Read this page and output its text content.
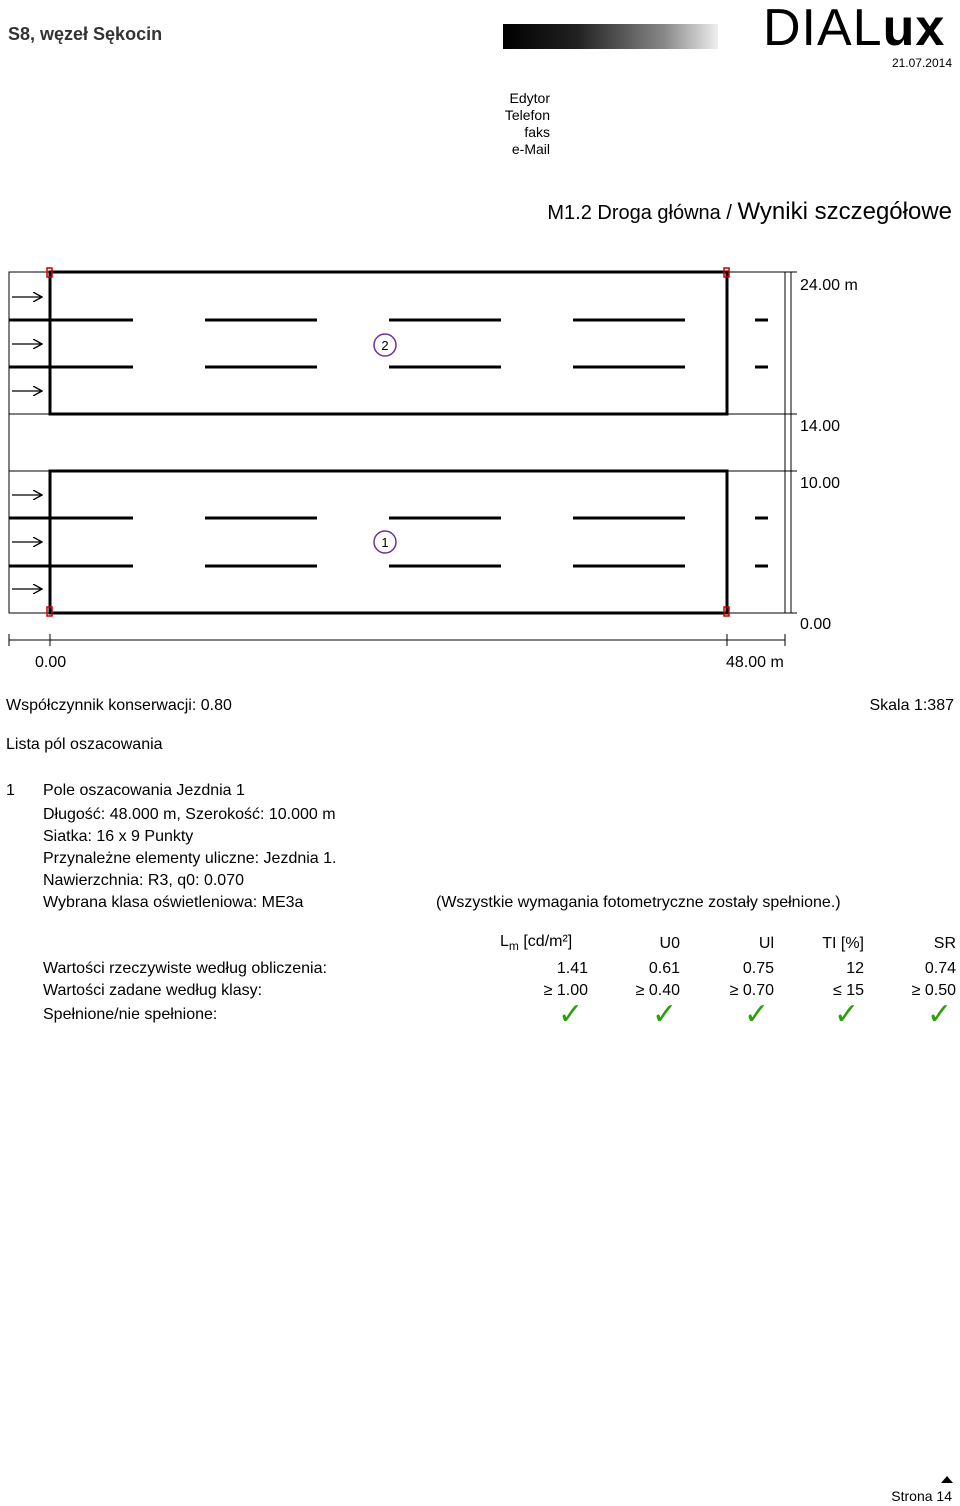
S8, węzeł Sękocin	DIALux
21.07.2014
Edytor
Telefon
faks
e-Mail
M1.2 Droga główna / Wyniki szczegółowe
2
1
24.00 m
14.00
10.00
0.00
0.00	48.00 m
Współczynnik konserwacji: 0.80	Skala 1:387
Lista pól oszacowania
1 Pole oszacowania Jezdnia 1
Długość: 48.000 m, Szerokość: 10.000 m
Siatka: 16 x 9 Punkty
Przynależne elementy uliczne: Jezdnia 1.
Nawierzchnia: R3, q0: 0.070
Wybrana klasa oświetleniowa: ME3a	(Wszystkie wymagania fotometryczne zostały spełnione.)
$L_m$ [cd/m²]	U0	Ul	TI [%]	SR
Wartości rzeczywiste według obliczenia:	1.41	0.61	0.75	12	0.74
Wartości zadane według klasy:	≥ 1.00	≥ 0.40	≥ 0.70	≤ 15	≥ 0.50
Spełnione/nie spełnione:	✓ ✓ ✓ ✓ ✓
Strona 14
